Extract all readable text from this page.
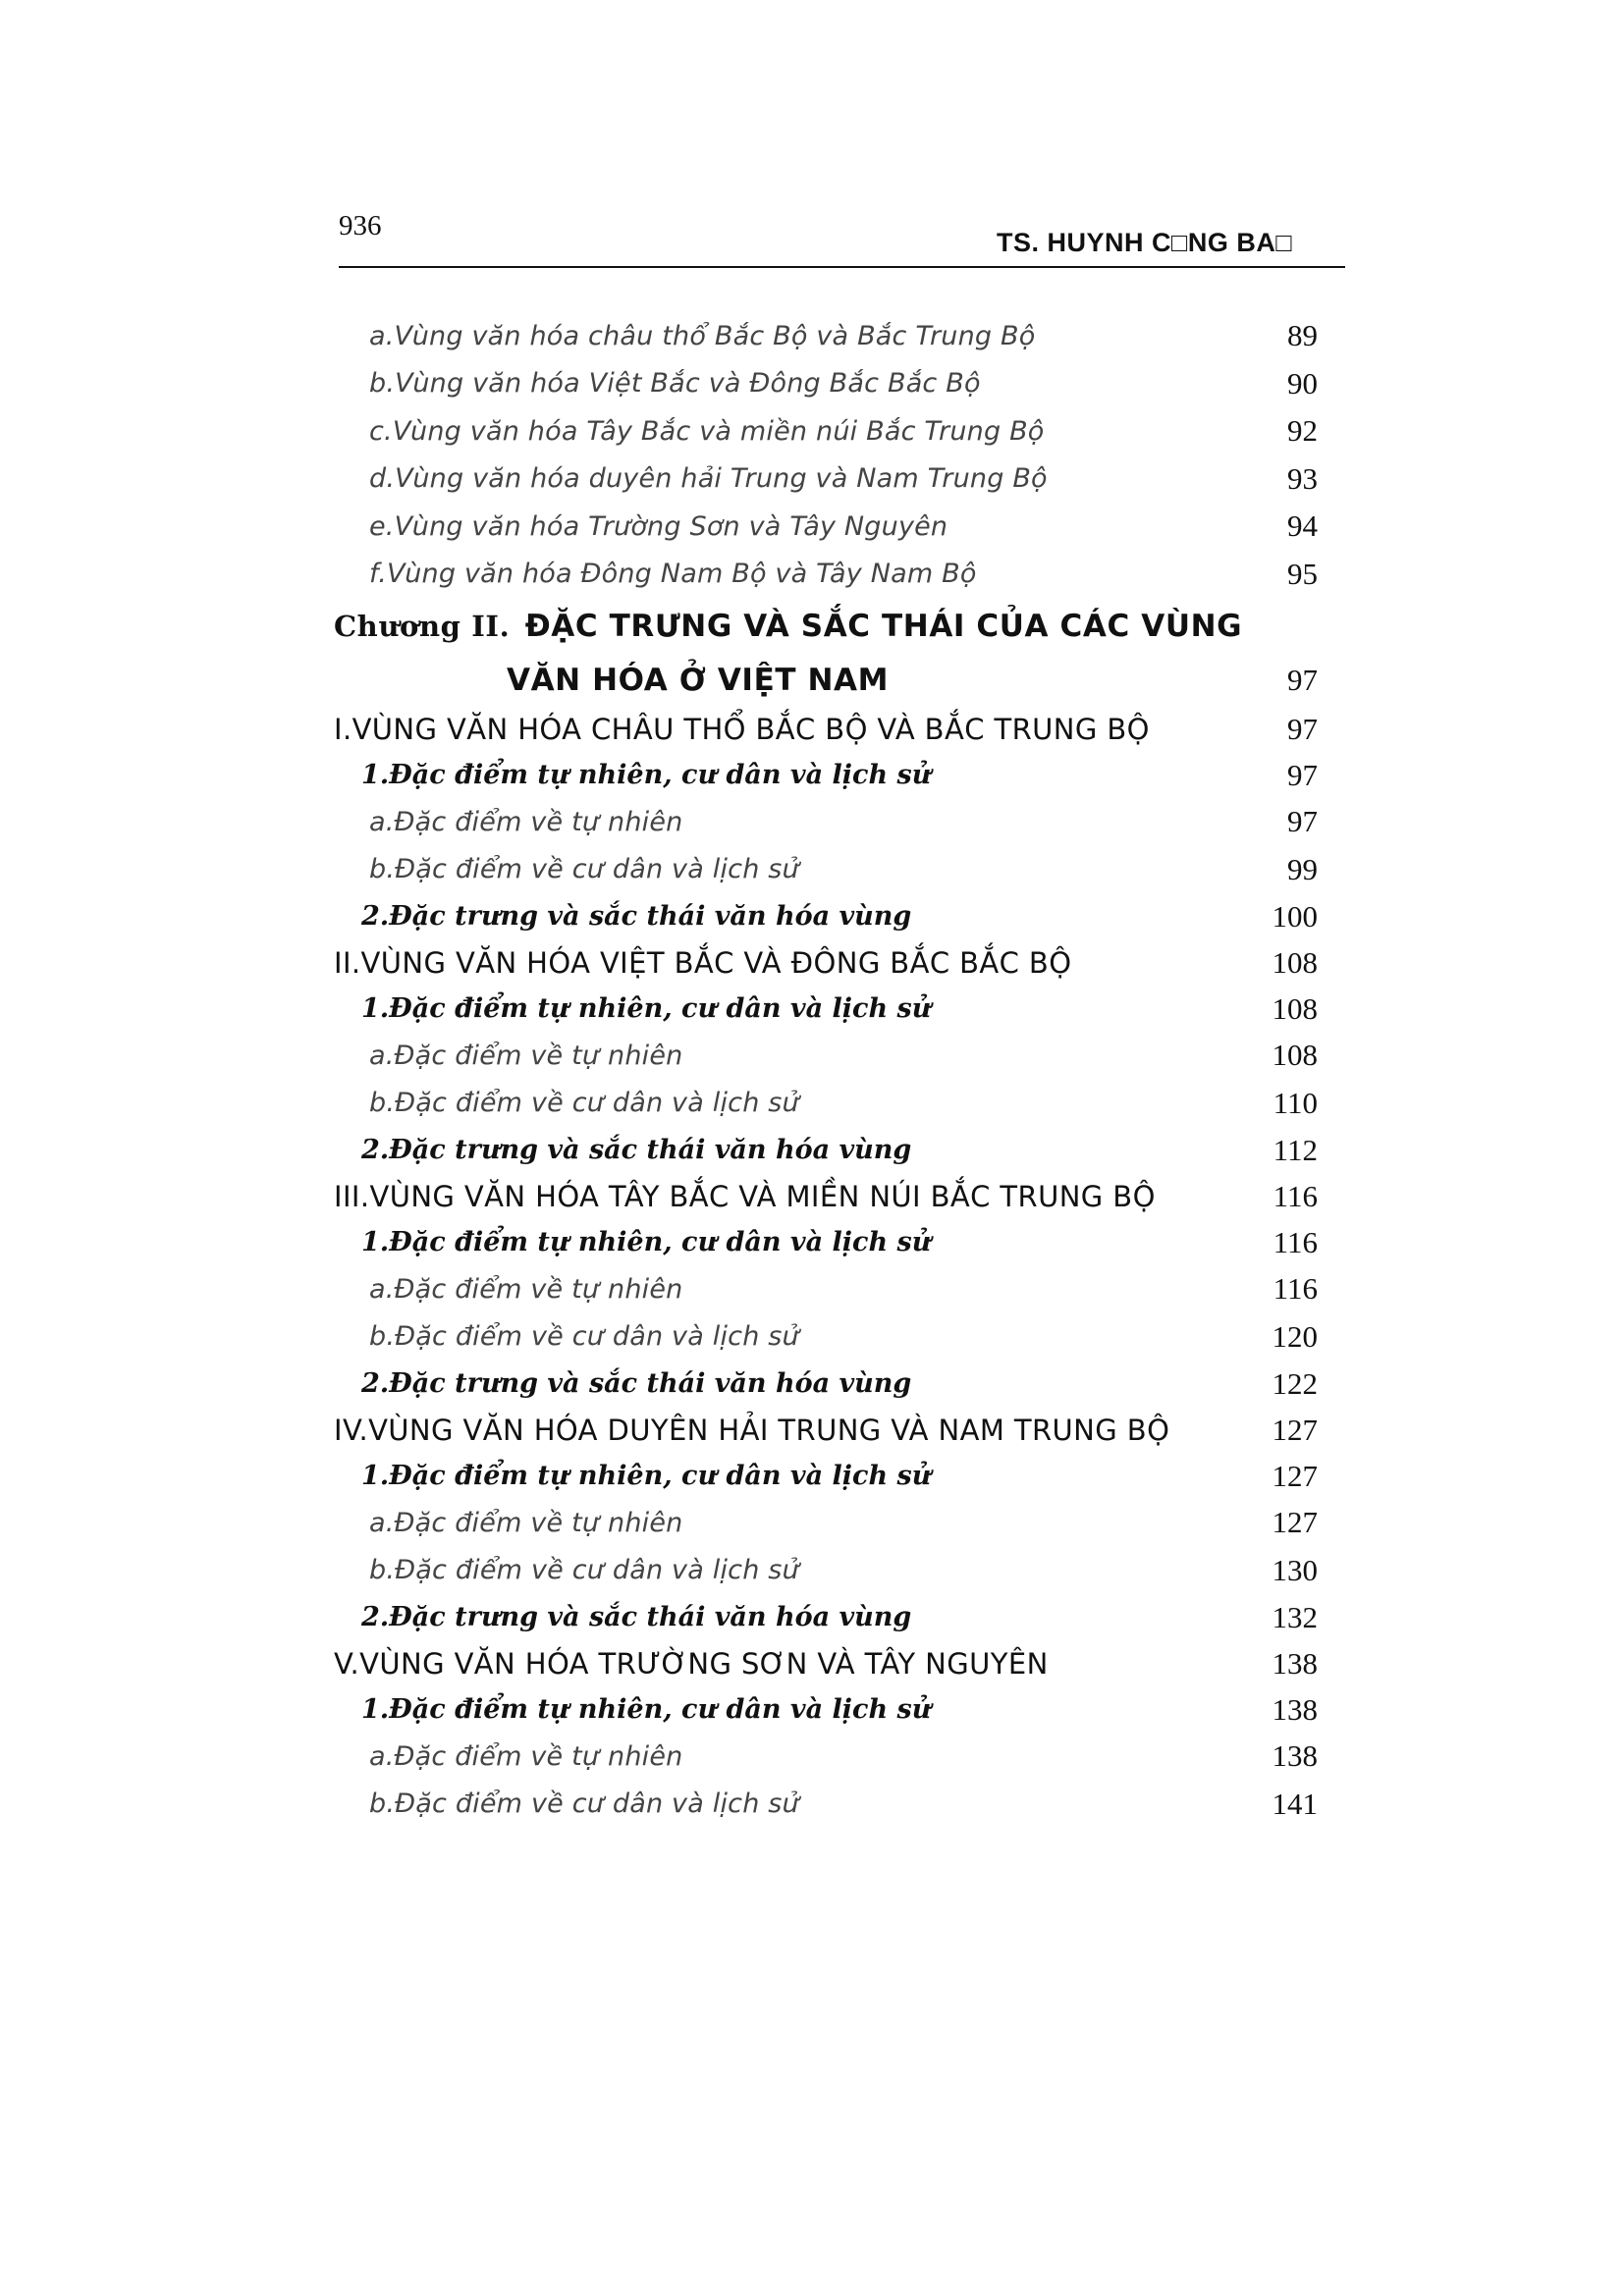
936
TS. HUYNH C□NG BA□
a.Vùng văn hóa châu thổ Bắc Bộ và Bắc Trung Bộ	89
b.Vùng văn hóa Việt Bắc và Đông Bắc Bắc Bộ	90
c.Vùng văn hóa Tây Bắc và miền núi Bắc Trung Bộ	92
d.Vùng văn hóa duyên hải Trung và Nam Trung Bộ	93
e.Vùng văn hóa Trường Sơn và Tây Nguyên	94
f.Vùng văn hóa Đông Nam Bộ và Tây Nam Bộ	95
Chương II. ĐẶC TRƯNG VÀ SẮC THÁI CỦA CÁC VÙNG
VĂN HÓA Ở VIỆT NAM	97
I.VÙNG VĂN HÓA CHÂU THỔ BẮC BỘ VÀ BẮC TRUNG BỘ	97
1.Đặc điểm tự nhiên, cư dân và lịch sử	97
a.Đặc điểm về tự nhiên	97
b.Đặc điểm về cư dân và lịch sử	99
2.Đặc trưng và sắc thái văn hóa vùng	100
II.VÙNG VĂN HÓA VIỆT BẮC VÀ ĐÔNG BẮC BẮC BỘ	108
1.Đặc điểm tự nhiên, cư dân và lịch sử	108
a.Đặc điểm về tự nhiên	108
b.Đặc điểm về cư dân và lịch sử	110
2.Đặc trưng và sắc thái văn hóa vùng	112
III.VÙNG VĂN HÓA TÂY BẮC VÀ MIỀN NÚI BẮC TRUNG BỘ	116
1.Đặc điểm tự nhiên, cư dân và lịch sử	116
a.Đặc điểm về tự nhiên	116
b.Đặc điểm về cư dân và lịch sử	120
2.Đặc trưng và sắc thái văn hóa vùng	122
IV.VÙNG VĂN HÓA DUYÊN HẢI TRUNG VÀ NAM TRUNG BỘ	127
1.Đặc điểm tự nhiên, cư dân và lịch sử	127
a.Đặc điểm về tự nhiên	127
b.Đặc điểm về cư dân và lịch sử	130
2.Đặc trưng và sắc thái văn hóa vùng	132
V.VÙNG VĂN HÓA TRƯỜNG SƠN VÀ TÂY NGUYÊN	138
1.Đặc điểm tự nhiên, cư dân và lịch sử	138
a.Đặc điểm về tự nhiên	138
b.Đặc điểm về cư dân và lịch sử	141
